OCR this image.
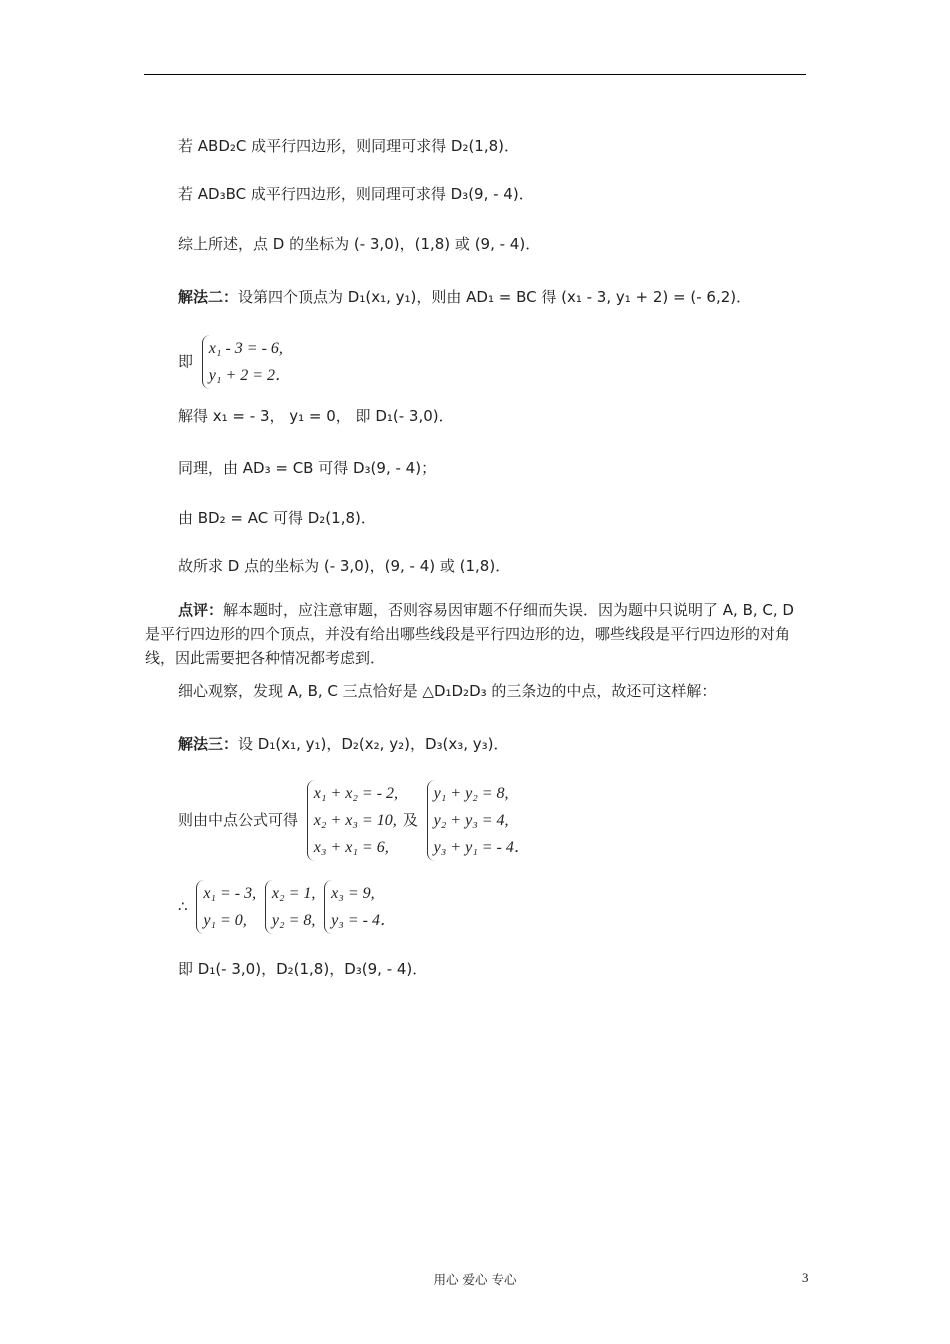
若 ABD₂C 成平行四边形，则同理可求得 D₂(1,8)．
若 AD₃BC 成平行四边形，则同理可求得 D₃(9, - 4)．
综上所述，点 D 的坐标为 (- 3,0)，(1,8) 或 (9, - 4)．
解法二：设第四个顶点为 D₁(x₁, y₁)，则由 AD₁ = BC 得 (x₁ - 3, y₁ + 2) = (- 6,2)．
即
x₁ - 3 = - 6,
y₁ + 2 = 2．
解得 x₁ = - 3， y₁ = 0， 即 D₁(- 3,0)．
同理，由 AD₃ = CB 可得 D₃(9, - 4)；
由 BD₂ = AC 可得 D₂(1,8)．
故所求 D 点的坐标为 (- 3,0)，(9, - 4) 或 (1,8)．
点评：解本题时，应注意审题，否则容易因审题不仔细而失误．因为题中只说明了 A, B, C, D 是平行四边形的四个顶点，并没有给出哪些线段是平行四边形的边，哪些线段是平行四边形的对角线，因此需要把各种情况都考虑到．
细心观察，发现 A, B, C 三点恰好是 △D₁D₂D₃ 的三条边的中点，故还可这样解：
解法三：设 D₁(x₁, y₁)，D₂(x₂, y₂)，D₃(x₃, y₃)．
则由中点公式可得
x₁ + x₂ = - 2,
x₂ + x₃ = 10,
x₃ + x₁ = 6,
及
y₁ + y₂ = 8,
y₂ + y₃ = 4,
y₃ + y₁ = - 4．
∴
x₁ = - 3,
y₁ = 0,

x₂ = 1,
y₂ = 8,

x₃ = 9,
y₃ = - 4．
即 D₁(- 3,0)，D₂(1,8)，D₃(9, - 4)．
用心 爱心 专心	3
